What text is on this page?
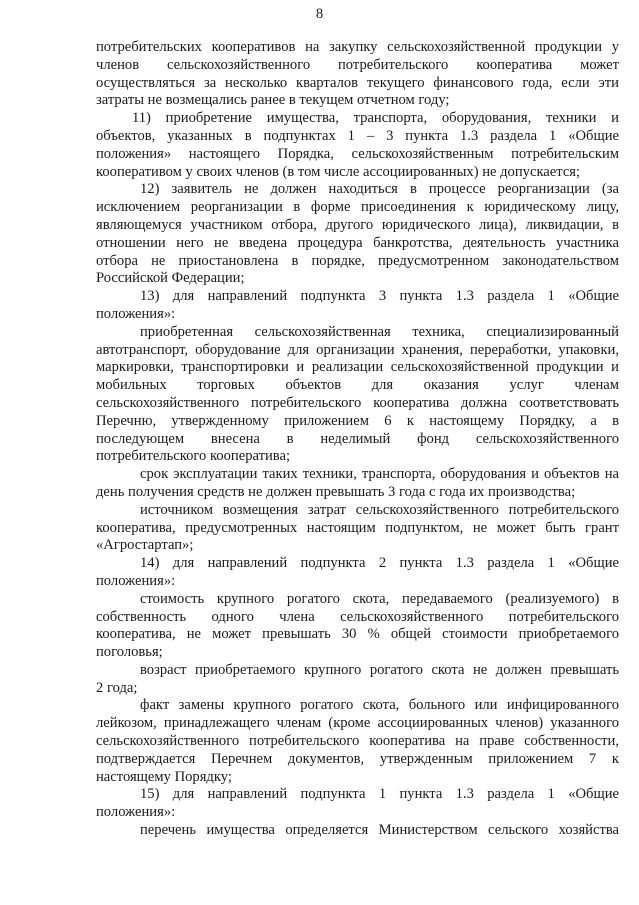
8
потребительских кооперативов на закупку сельскохозяйственной продукции у
членов сельскохозяйственного потребительского кооператива может
осуществляться за несколько кварталов текущего финансового года, если эти
затраты не возмещались ранее в текущем отчетном году;
11) приобретение имущества, транспорта, оборудования, техники и
объектов, указанных в подпунктах 1 – 3 пункта 1.3 раздела 1 «Общие
положения» настоящего Порядка, сельскохозяйственным потребительским
кооперативом у своих членов (в том числе ассоциированных) не допускается;
12) заявитель не должен находиться в процессе реорганизации (за
исключением реорганизации в форме присоединения к юридическому лицу,
являющемуся участником отбора, другого юридического лица), ликвидации, в
отношении него не введена процедура банкротства, деятельность участника
отбора не приостановлена в порядке, предусмотренном законодательством
Российской Федерации;
13) для направлений подпункта 3 пункта 1.3 раздела 1 «Общие
положения»:
приобретенная сельскохозяйственная техника, специализированный
автотранспорт, оборудование для организации хранения, переработки, упаковки,
маркировки, транспортировки и реализации сельскохозяйственной продукции и
мобильных торговых объектов для оказания услуг членам
сельскохозяйственного потребительского кооператива должна соответствовать
Перечню, утвержденному приложением 6 к настоящему Порядку, а в
последующем внесена в неделимый фонд сельскохозяйственного
потребительского кооператива;
срок эксплуатации таких техники, транспорта, оборудования и объектов на
день получения средств не должен превышать 3 года с года их производства;
источником возмещения затрат сельскохозяйственного потребительского
кооператива, предусмотренных настоящим подпунктом, не может быть грант
«Агростартап»;
14) для направлений подпункта 2 пункта 1.3 раздела 1 «Общие
положения»:
стоимость крупного рогатого скота, передаваемого (реализуемого) в
собственность одного члена сельскохозяйственного потребительского
кооператива, не может превышать 30 % общей стоимости приобретаемого
поголовья;
возраст приобретаемого крупного рогатого скота не должен превышать
2 года;
факт замены крупного рогатого скота, больного или инфицированного
лейкозом, принадлежащего членам (кроме ассоциированных членов) указанного
сельскохозяйственного потребительского кооператива на праве собственности,
подтверждается Перечнем документов, утвержденным приложением 7 к
настоящему Порядку;
15) для направлений подпункта 1 пункта 1.3 раздела 1 «Общие
положения»:
перечень имущества определяется Министерством сельского хозяйства
